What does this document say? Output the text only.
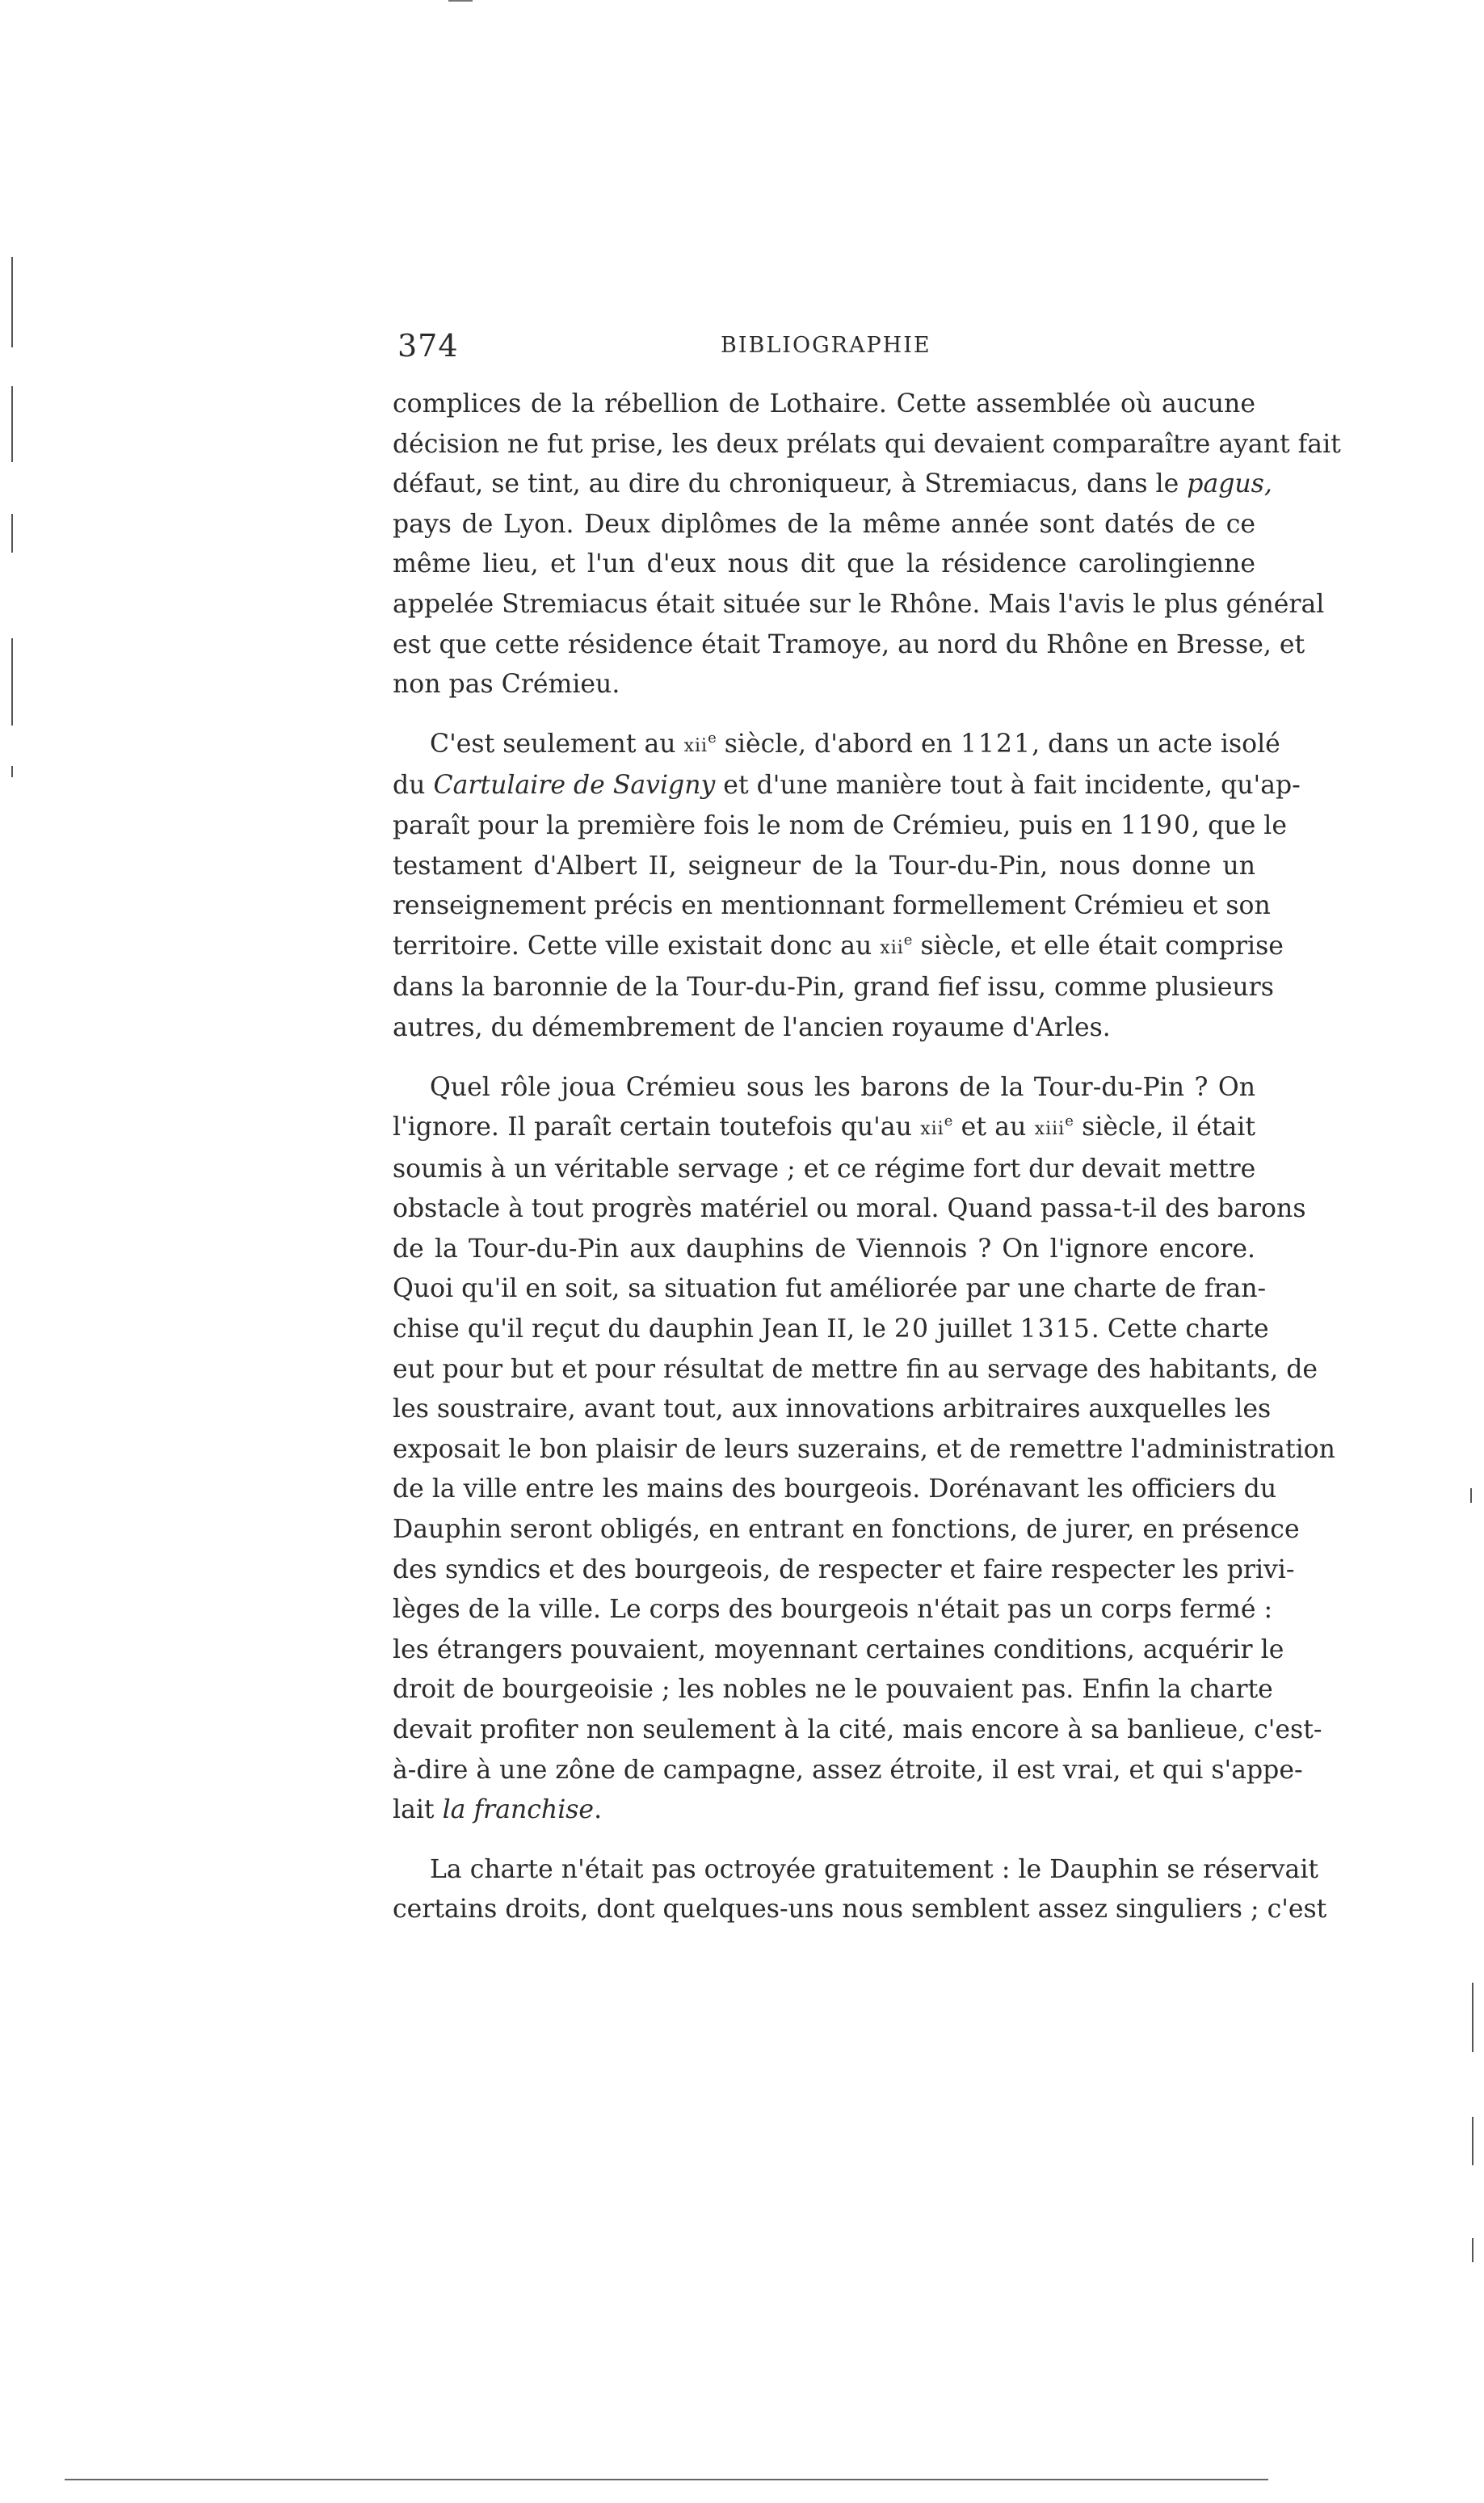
374	BIBLIOGRAPHIE
complices de la rébellion de Lothaire. Cette assemblée où aucune
décision ne fut prise, les deux prélats qui devaient comparaître ayant fait
défaut, se tint, au dire du chroniqueur, à Stremiacus, dans le pagus,
pays de Lyon. Deux diplômes de la même année sont datés de ce
même lieu, et l'un d'eux nous dit que la résidence carolingienne
appelée Stremiacus était située sur le Rhône. Mais l'avis le plus général
est que cette résidence était Tramoye, au nord du Rhône en Bresse, et
non pas Crémieu.
C'est seulement au xii$^e$ siècle, d'abord en 1121, dans un acte isolé
du Cartulaire de Savigny et d'une manière tout à fait incidente, qu'ap-
paraît pour la première fois le nom de Crémieu, puis en 1190, que le
testament d'Albert II, seigneur de la Tour-du-Pin, nous donne un
renseignement précis en mentionnant formellement Crémieu et son
territoire. Cette ville existait donc au xii$^e$ siècle, et elle était comprise
dans la baronnie de la Tour-du-Pin, grand fief issu, comme plusieurs
autres, du démembrement de l'ancien royaume d'Arles.
Quel rôle joua Crémieu sous les barons de la Tour-du-Pin ? On
l'ignore. Il paraît certain toutefois qu'au xii$^e$ et au xiii$^e$ siècle, il était
soumis à un véritable servage ; et ce régime fort dur devait mettre
obstacle à tout progrès matériel ou moral. Quand passa-t-il des barons
de la Tour-du-Pin aux dauphins de Viennois ? On l'ignore encore.
Quoi qu'il en soit, sa situation fut améliorée par une charte de fran-
chise qu'il reçut du dauphin Jean II, le 20 juillet 1315. Cette charte
eut pour but et pour résultat de mettre fin au servage des habitants, de
les soustraire, avant tout, aux innovations arbitraires auxquelles les
exposait le bon plaisir de leurs suzerains, et de remettre l'administration
de la ville entre les mains des bourgeois. Dorénavant les officiers du
Dauphin seront obligés, en entrant en fonctions, de jurer, en présence
des syndics et des bourgeois, de respecter et faire respecter les privi-
lèges de la ville. Le corps des bourgeois n'était pas un corps fermé :
les étrangers pouvaient, moyennant certaines conditions, acquérir le
droit de bourgeoisie ; les nobles ne le pouvaient pas. Enfin la charte
devait profiter non seulement à la cité, mais encore à sa banlieue, c'est-
à-dire à une zône de campagne, assez étroite, il est vrai, et qui s'appe-
lait la franchise.
La charte n'était pas octroyée gratuitement : le Dauphin se réservait
certains droits, dont quelques-uns nous semblent assez singuliers ; c'est
